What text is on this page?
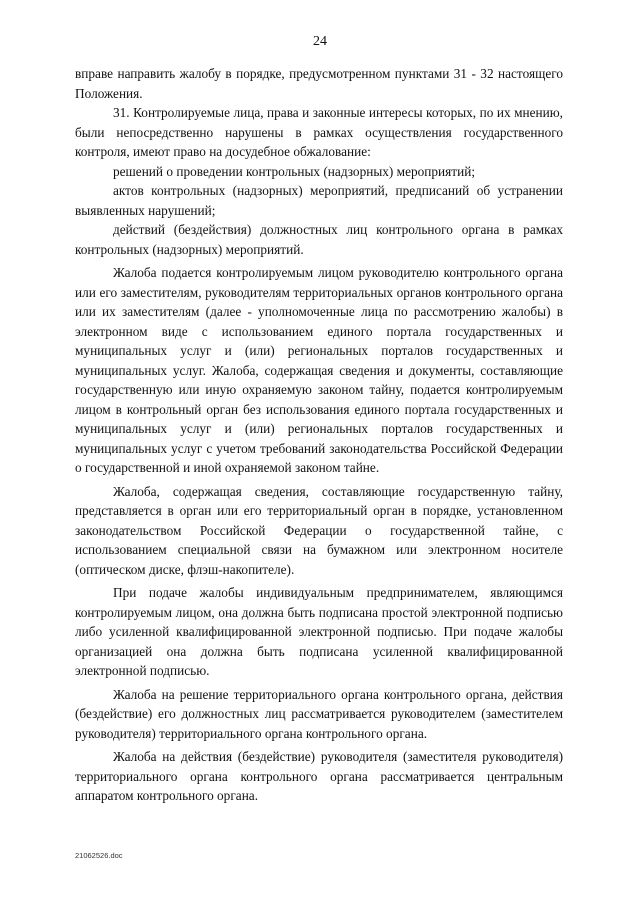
24

вправе направить жалобу в порядке, предусмотренном пунктами 31 - 32 настоящего Положения.

31. Контролируемые лица, права и законные интересы которых, по их мнению, были непосредственно нарушены в рамках осуществления государственного контроля, имеют право на досудебное обжалование:

решений о проведении контрольных (надзорных) мероприятий;

актов контрольных (надзорных) мероприятий, предписаний об устранении выявленных нарушений;

действий (бездействия) должностных лиц контрольного органа в рамках контрольных (надзорных) мероприятий.

Жалоба подается контролируемым лицом руководителю контрольного органа или его заместителям, руководителям территориальных органов контрольного органа или их заместителям (далее - уполномоченные лица по рассмотрению жалобы) в электронном виде с использованием единого портала государственных и муниципальных услуг и (или) региональных порталов государственных и муниципальных услуг. Жалоба, содержащая сведения и документы, составляющие государственную или иную охраняемую законом тайну, подается контролируемым лицом в контрольный орган без использования единого портала государственных и муниципальных услуг и (или) региональных порталов государственных и муниципальных услуг с учетом требований законодательства Российской Федерации о государственной и иной охраняемой законом тайне.

Жалоба, содержащая сведения, составляющие государственную тайну, представляется в орган или его территориальный орган в порядке, установленном законодательством Российской Федерации о государственной тайне, с использованием специальной связи на бумажном или электронном носителе (оптическом диске, флэш-накопителе).

При подаче жалобы индивидуальным предпринимателем, являющимся контролируемым лицом, она должна быть подписана простой электронной подписью либо усиленной квалифицированной электронной подписью. При подаче жалобы организацией она должна быть подписана усиленной квалифицированной электронной подписью.

Жалоба на решение территориального органа контрольного органа, действия (бездействие) его должностных лиц рассматривается руководителем (заместителем руководителя) территориального органа контрольного органа.

Жалоба на действия (бездействие) руководителя (заместителя руководителя) территориального органа контрольного органа рассматривается центральным аппаратом контрольного органа.

21062526.doc
